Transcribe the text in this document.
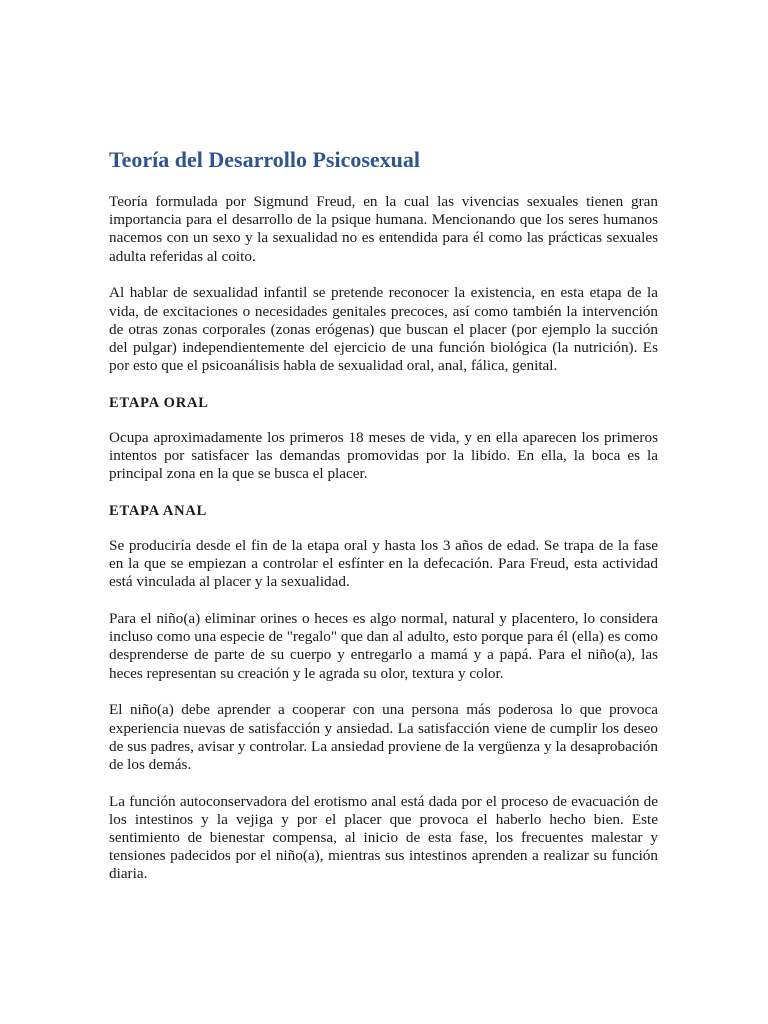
Teoría del Desarrollo Psicosexual

Teoría formulada por Sigmund Freud, en la cual las vivencias sexuales tienen gran importancia para el desarrollo de la psique humana. Mencionando que los seres humanos nacemos con un sexo y la sexualidad no es entendida para él como las prácticas sexuales adulta referidas al coito.

Al hablar de sexualidad infantil se pretende reconocer la existencia, en esta etapa de la vida, de excitaciones o necesidades genitales precoces, así como también la intervención de otras zonas corporales (zonas erógenas) que buscan el placer (por ejemplo la succión del pulgar) independientemente del ejercicio de una función biológica (la nutrición). Es por esto que el psicoanálisis habla de sexualidad oral, anal, fálica, genital.

ETAPA ORAL

Ocupa aproximadamente los primeros 18 meses de vida, y en ella aparecen los primeros intentos por satisfacer las demandas promovidas por la libido. En ella, la boca es la principal zona en la que se busca el placer.

ETAPA ANAL

Se produciría desde el fin de la etapa oral y hasta los 3 años de edad. Se trapa de la fase en la que se empiezan a controlar el esfínter en la defecación. Para Freud, esta actividad está vinculada al placer y la sexualidad.

Para el niño(a) eliminar orines o heces es algo normal, natural y placentero, lo considera incluso como una especie de "regalo" que dan al adulto, esto porque para él (ella) es como desprenderse de parte de su cuerpo y entregarlo a mamá y a papá. Para el niño(a), las heces representan su creación y le agrada su olor, textura y color.

El niño(a) debe aprender a cooperar con una persona más poderosa lo que provoca experiencia nuevas de satisfacción y ansiedad. La satisfacción viene de cumplir los deseo de sus padres, avisar y controlar. La ansiedad proviene de la vergüenza y la desaprobación de los demás.

La función autoconservadora del erotismo anal está dada por el proceso de evacuación de los intestinos y la vejiga y por el placer que provoca el haberlo hecho bien. Este sentimiento de bienestar compensa, al inicio de esta fase, los frecuentes malestar y tensiones padecidos por el niño(a), mientras sus intestinos aprenden a realizar su función diaria.
